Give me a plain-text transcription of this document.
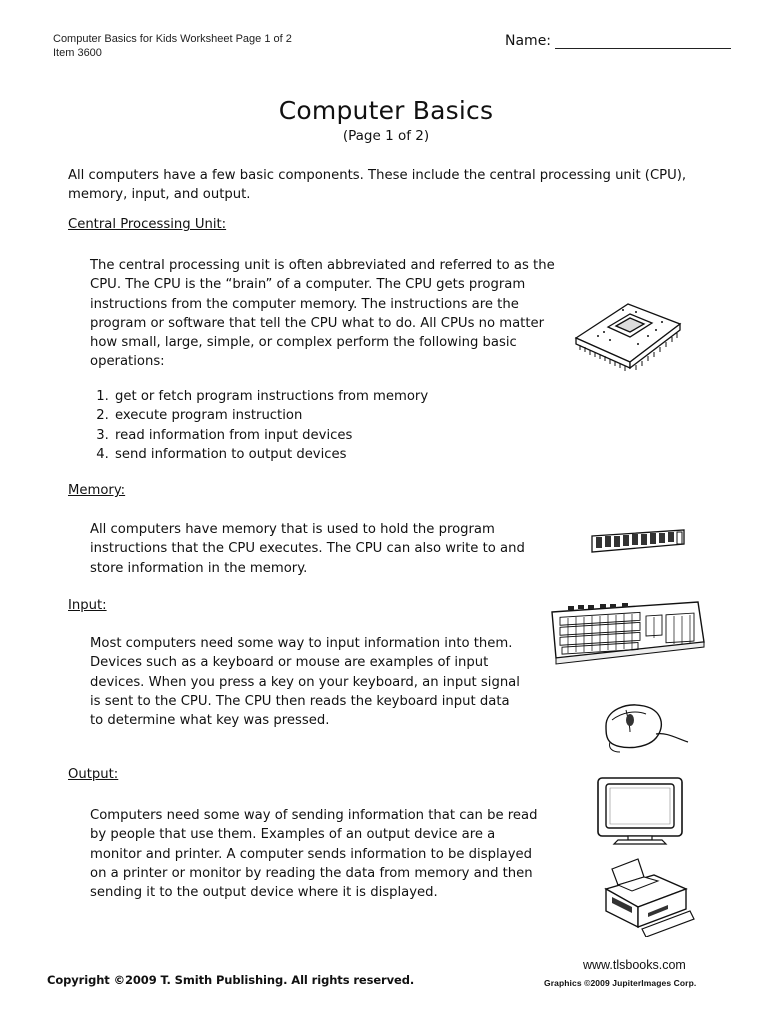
Computer Basics for Kids Worksheet Page 1 of 2
Item 3600
Name:
Computer Basics
(Page 1 of 2)
All computers have a few basic components. These include the central processing unit (CPU), memory, input, and output.
Central Processing Unit:
The central processing unit is often abbreviated and referred to as the CPU. The CPU is the “brain” of a computer. The CPU gets program instructions from the computer memory. The instructions are the program or software that tell the CPU what to do. All CPUs no matter how small, large, simple, or complex perform the following basic operations:
1. get or fetch program instructions from memory
2. execute program instruction
3. read information from input devices
4. send information to output devices
Memory:
All computers have memory that is used to hold the program instructions that the CPU executes. The CPU can also write to and store information in the memory.
Input:
Most computers need some way to input information into them. Devices such as a keyboard or mouse are examples of input devices. When you press a key on your keyboard, an input signal is sent to the CPU. The CPU then reads the keyboard input data to determine what key was pressed.
Output:
Computers need some way of sending information that can be read by people that use them. Examples of an output device are a monitor and printer. A computer sends information to be displayed on a printer or monitor by reading the data from memory and then sending it to the output device where it is displayed.
Copyright ©2009 T. Smith Publishing. All rights reserved.
www.tlsbooks.com
Graphics ©2009 JupiterImages Corp.
